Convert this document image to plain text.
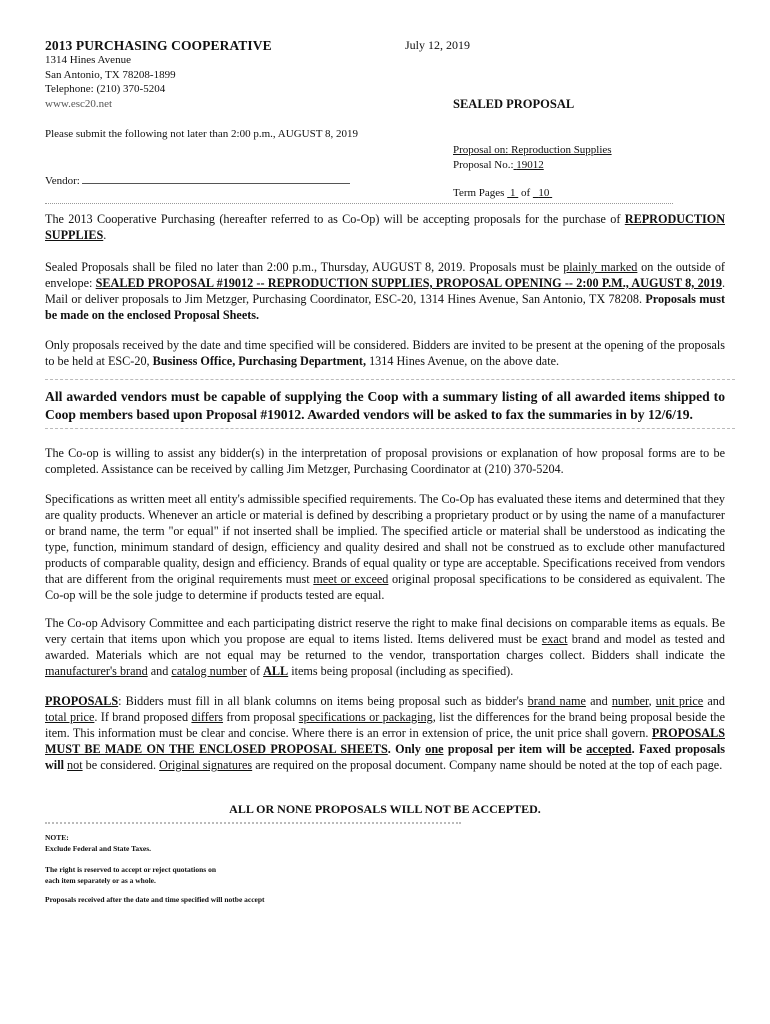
2013 PURCHASING COOPERATIVE	July 12, 2019
1314 Hines Avenue
San Antonio, TX 78208-1899
Telephone: (210) 370-5204
www.esc20.net	SEALED PROPOSAL
Please submit the following not later than 2:00 p.m., AUGUST 8, 2019
Proposal on: Reproduction Supplies
Proposal No.: 19012
Vendor:
Term Pages 1 of 10

The 2013 Cooperative Purchasing (hereafter referred to as Co-Op) will be accepting proposals for the purchase of REPRODUCTION SUPPLIES.

Sealed Proposals shall be filed no later than 2:00 p.m., Thursday, AUGUST 8, 2019. Proposals must be plainly marked on the outside of envelope: SEALED PROPOSAL #19012 -- REPRODUCTION SUPPLIES, PROPOSAL OPENING -- 2:00 P.M., AUGUST 8, 2019. Mail or deliver proposals to Jim Metzger, Purchasing Coordinator, ESC-20, 1314 Hines Avenue, San Antonio, TX 78208. Proposals must be made on the enclosed Proposal Sheets.

Only proposals received by the date and time specified will be considered. Bidders are invited to be present at the opening of the proposals to be held at ESC-20, Business Office, Purchasing Department, 1314 Hines Avenue, on the above date.

All awarded vendors must be capable of supplying the Coop with a summary listing of all awarded items shipped to Coop members based upon Proposal #19012. Awarded vendors will be asked to fax the summaries in by 12/6/19.
The Co-op is willing to assist any bidder(s) in the interpretation of proposal provisions or explanation of how proposal forms are to be completed. Assistance can be received by calling Jim Metzger, Purchasing Coordinator at (210) 370-5204.

Specifications as written meet all entity's admissible specified requirements. The Co-Op has evaluated these items and determined that they are quality products. Whenever an article or material is defined by describing a proprietary product or by using the name of a manufacturer or brand name, the term "or equal" if not inserted shall be implied. The specified article or material shall be understood as indicating the type, function, minimum standard of design, efficiency and quality desired and shall not be construed as to exclude other manufactured products of comparable quality, design and efficiency. Brands of equal quality or type are acceptable. Specifications received from vendors that are different from the original requirements must meet or exceed original proposal specifications to be considered as equivalent. The Co-op will be the sole judge to determine if products tested are equal.

The Co-op Advisory Committee and each participating district reserve the right to make final decisions on comparable items as equals. Be very certain that items upon which you propose are equal to items listed. Items delivered must be exact brand and model as tested and awarded. Materials which are not equal may be returned to the vendor, transportation charges collect. Bidders shall indicate the manufacturer's brand and catalog number of ALL items being proposal (including as specified).

PROPOSALS: Bidders must fill in all blank columns on items being proposal such as bidder's brand name and number, unit price and total price. If brand proposed differs from proposal specifications or packaging, list the differences for the brand being proposal beside the item. This information must be clear and concise. Where there is an error in extension of price, the unit price shall govern. PROPOSALS MUST BE MADE ON THE ENCLOSED PROPOSAL SHEETS. Only one proposal per item will be accepted. Faxed proposals will not be considered. Original signatures are required on the proposal document. Company name should be noted at the top of each page.

ALL OR NONE PROPOSALS WILL NOT BE ACCEPTED.
NOTE:
Exclude Federal and State Taxes.
The right is reserved to accept or reject quotations on
each item separately or as a whole.
Proposals received after the date and time specified will notbe accept
